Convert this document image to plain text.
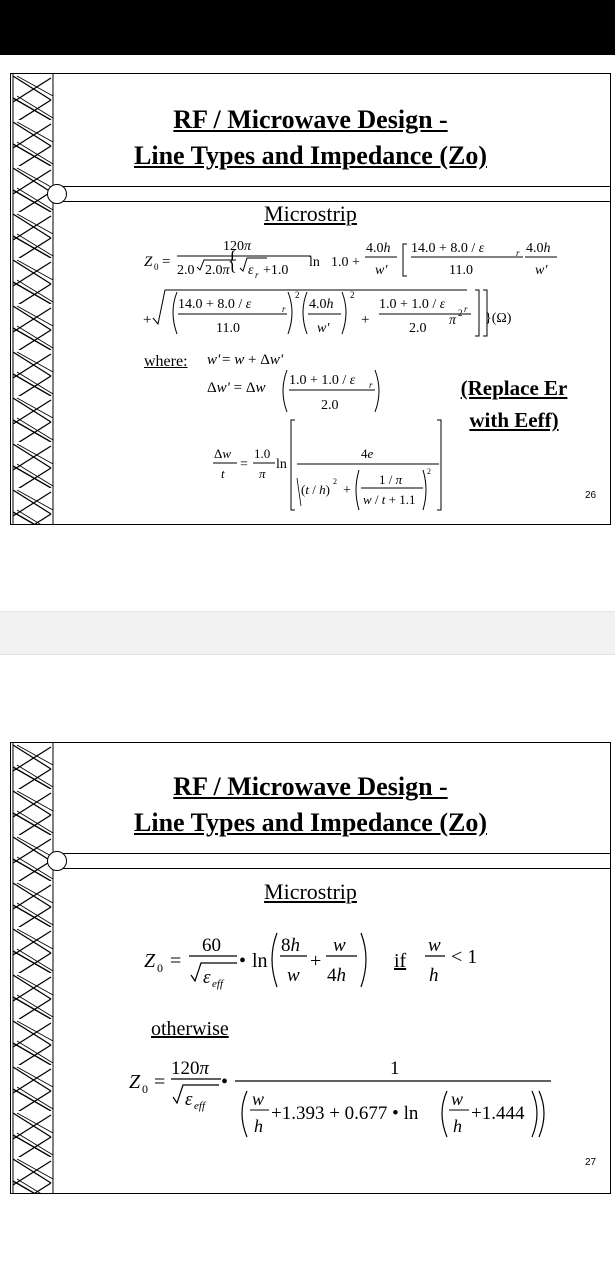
RF / Microwave Design -
Line Types and Impedance (Zo)
Microstrip
Z 0 =
120π
2.0 2.0π ε r +1.0
ln
{	1.0 +
4.0h
w'
14.0 + 8.0 / ε	r
11.0
4.0h
w'
+
14.0 + 8.0 / ε	r
11.0
2
4.0h
w'
2
+
1.0 + 1.0 / ε r
2.0
π 2 }(Ω)
w' = w + Δw'
Δw' = Δw 1.0 + 1.0 / ε r
2.0
Δw
t
=
1.0
π
ln
4e
(t / h)
2
+
1 / π
w / t + 1.1
2
where:
(Replace Er
with Eeff)
26
RF / Microwave Design -
Line Types and Impedance (Zo)
Microstrip
Z 0 =
60
ε eff
• ln
8h
w
+
w
4h
if
w
h
< 1
Z 0 =
120π
ε eff
•
1
w
h
+1.393 + 0.677 • ln
w
h
+1.444
otherwise
27
